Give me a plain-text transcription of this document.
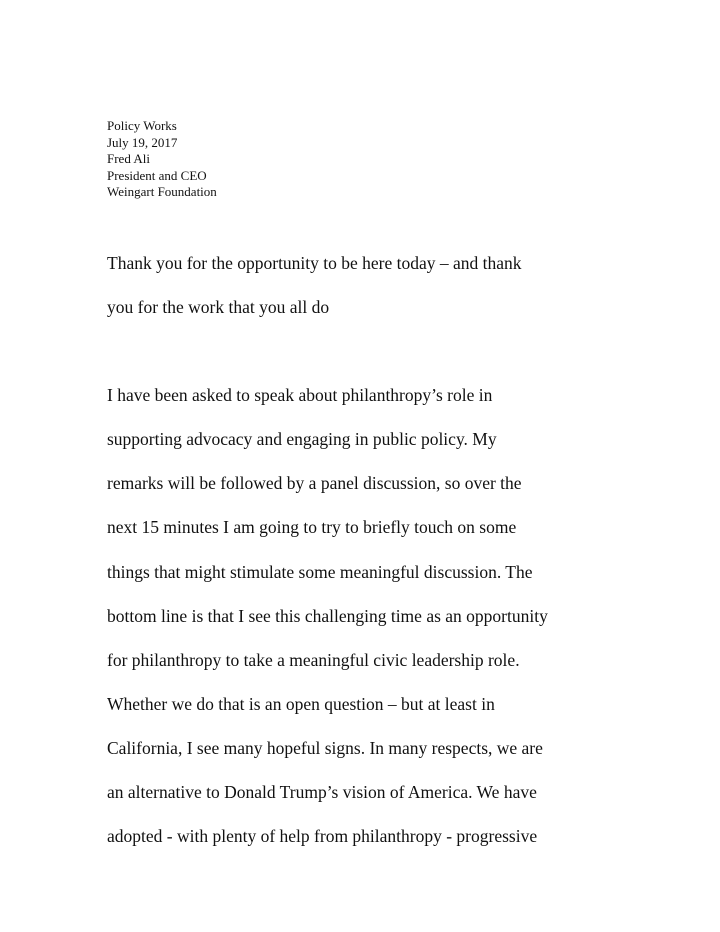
Policy Works
July 19, 2017
Fred Ali
President and CEO
Weingart Foundation
Thank you for the opportunity to be here today – and thank
you for the work that you all do
I have been asked to speak about philanthropy’s role in
supporting advocacy and engaging in public policy. My
remarks will be followed by a panel discussion, so over the
next 15 minutes I am going to try to briefly touch on some
things that might stimulate some meaningful discussion. The
bottom line is that I see this challenging time as an opportunity
for philanthropy to take a meaningful civic leadership role.
Whether we do that is an open question – but at least in
California, I see many hopeful signs. In many respects, we are
an alternative to Donald Trump’s vision of America. We have
adopted - with plenty of help from philanthropy - progressive
